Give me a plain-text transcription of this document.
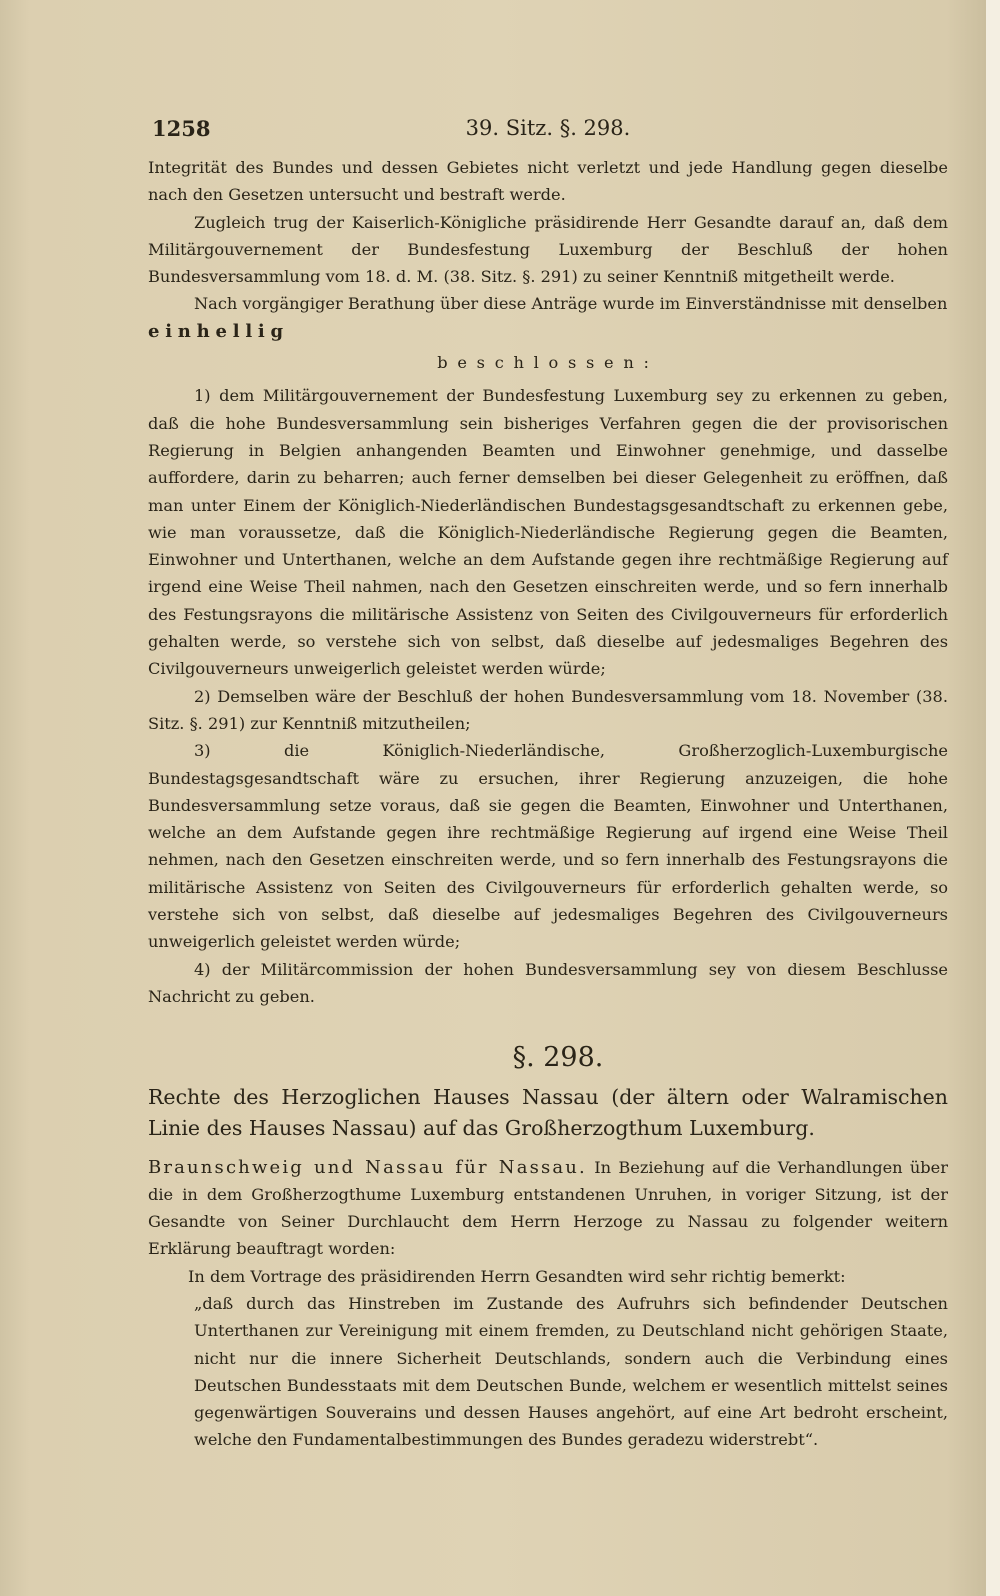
1258	39. Sitz. §. 298.

Integrität des Bundes und dessen Gebietes nicht verletzt und jede Handlung gegen dieselbe nach den Gesetzen untersucht und bestraft werde.

Zugleich trug der Kaiserlich-Königliche präsidirende Herr Gesandte darauf an, daß dem Militärgouvernement der Bundesfestung Luxemburg der Beschluß der hohen Bundesversammlung vom 18. d. M. (38. Sitz. §. 291) zu seiner Kenntniß mitgetheilt werde.

Nach vorgängiger Berathung über diese Anträge wurde im Einverständnisse mit denselben

einhellig

beschlossen:

1) dem Militärgouvernement der Bundesfestung Luxemburg sey zu erkennen zu geben, daß die hohe Bundesversammlung sein bisheriges Verfahren gegen die der provisorischen Regierung in Belgien anhangenden Beamten und Einwohner genehmige, und dasselbe auffordere, darin zu beharren; auch ferner demselben bei dieser Gelegenheit zu eröffnen, daß man unter Einem der Königlich-Niederländischen Bundestagsgesandtschaft zu erkennen gebe, wie man voraussetze, daß die Königlich-Niederländische Regierung gegen die Beamten, Einwohner und Unterthanen, welche an dem Aufstande gegen ihre rechtmäßige Regierung auf irgend eine Weise Theil nahmen, nach den Gesetzen einschreiten werde, und so fern innerhalb des Festungsrayons die militärische Assistenz von Seiten des Civilgouverneurs für erforderlich gehalten werde, so verstehe sich von selbst, daß dieselbe auf jedesmaliges Begehren des Civilgouverneurs unweigerlich geleistet werden würde;

2) Demselben wäre der Beschluß der hohen Bundesversammlung vom 18. November (38. Sitz. §. 291) zur Kenntniß mitzutheilen;

3) die Königlich-Niederländische, Großherzoglich-Luxemburgische Bundestagsgesandtschaft wäre zu ersuchen, ihrer Regierung anzuzeigen, die hohe Bundesversammlung setze voraus, daß sie gegen die Beamten, Einwohner und Unterthanen, welche an dem Aufstande gegen ihre rechtmäßige Regierung auf irgend eine Weise Theil nehmen, nach den Gesetzen einschreiten werde, und so fern innerhalb des Festungsrayons die militärische Assistenz von Seiten des Civilgouverneurs für erforderlich gehalten werde, so verstehe sich von selbst, daß dieselbe auf jedesmaliges Begehren des Civilgouverneurs unweigerlich geleistet werden würde;

4) der Militärcommission der hohen Bundesversammlung sey von diesem Beschlusse Nachricht zu geben.

§. 298.

Rechte des Herzoglichen Hauses Nassau (der ältern oder Walramischen Linie des Hauses Nassau) auf das Großherzogthum Luxemburg.

Braunschweig und Nassau für Nassau. In Beziehung auf die Verhandlungen über die in dem Großherzogthume Luxemburg entstandenen Unruhen, in voriger Sitzung, ist der Gesandte von Seiner Durchlaucht dem Herrn Herzoge zu Nassau zu folgender weitern Erklärung beauftragt worden:

In dem Vortrage des präsidirenden Herrn Gesandten wird sehr richtig bemerkt:

„daß durch das Hinstreben im Zustande des Aufruhrs sich befindender Deutschen Unterthanen zur Vereinigung mit einem fremden, zu Deutschland nicht gehörigen Staate, nicht nur die innere Sicherheit Deutschlands, sondern auch die Verbindung eines Deutschen Bundesstaats mit dem Deutschen Bunde, welchem er wesentlich mittelst seines gegenwärtigen Souverains und dessen Hauses angehört, auf eine Art bedroht erscheint, welche den Fundamentalbestimmungen des Bundes geradezu widerstrebt“.
